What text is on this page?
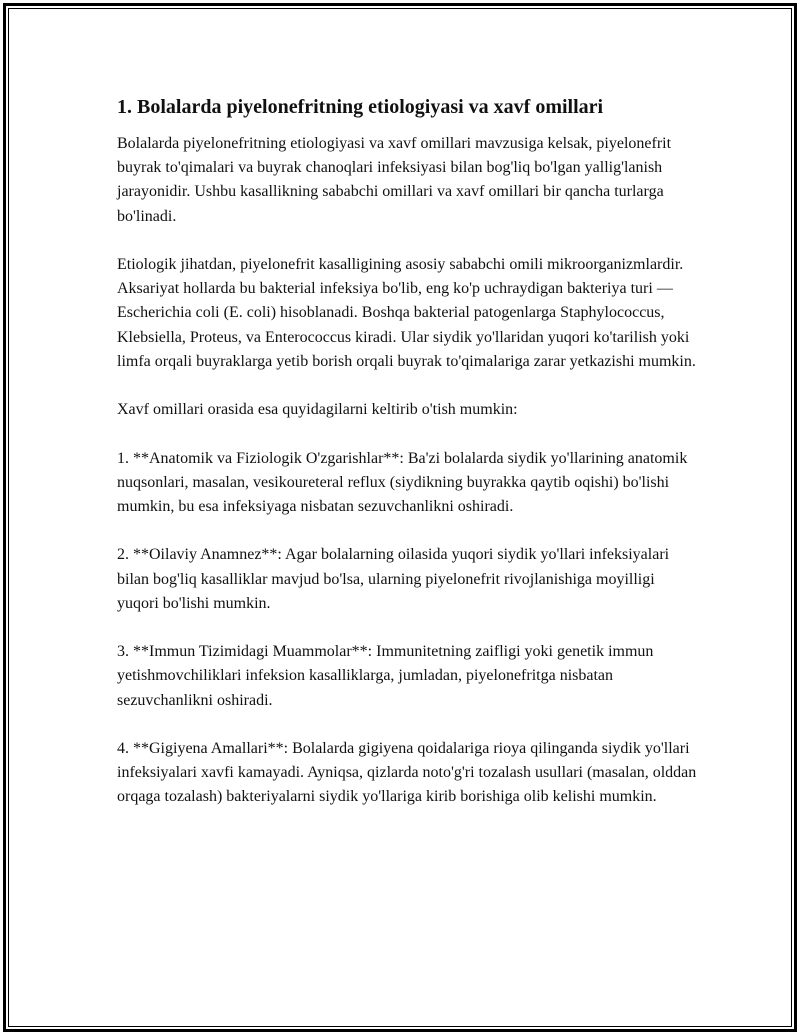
1. Bolalarda piyelonefritning etiologiyasi va xavf omillari

Bolalarda piyelonefritning etiologiyasi va xavf omillari mavzusiga kelsak, piyelonefrit buyrak to'qimalari va buyrak chanoqlari infeksiyasi bilan bog'liq bo'lgan yallig'lanish jarayonidir. Ushbu kasallikning sababchi omillari va xavf omillari bir qancha turlarga bo'linadi.

Etiologik jihatdan, piyelonefrit kasalligining asosiy sababchi omili mikroorganizmlardir. Aksariyat hollarda bu bakterial infeksiya bo'lib, eng ko'p uchraydigan bakteriya turi — Escherichia coli (E. coli) hisoblanadi. Boshqa bakterial patogenlarga Staphylococcus, Klebsiella, Proteus, va Enterococcus kiradi. Ular siydik yo'llaridan yuqori ko'tarilish yoki limfa orqali buyraklarga yetib borish orqali buyrak to'qimalariga zarar yetkazishi mumkin.

Xavf omillari orasida esa quyidagilarni keltirib o'tish mumkin:

1. **Anatomik va Fiziologik O'zgarishlar**: Ba'zi bolalarda siydik yo'llarining anatomik nuqsonlari, masalan, vesikoureteral reflux (siydikning buyrakka qaytib oqishi) bo'lishi mumkin, bu esa infeksiyaga nisbatan sezuvchanlikni oshiradi.

2. **Oilaviy Anamnez**: Agar bolalarning oilasida yuqori siydik yo'llari infeksiyalari bilan bog'liq kasalliklar mavjud bo'lsa, ularning piyelonefrit rivojlanishiga moyilligi yuqori bo'lishi mumkin.

3. **Immun Tizimidagi Muammolar**: Immunitetning zaifligi yoki genetik immun yetishmovchiliklari infeksion kasalliklarga, jumladan, piyelonefritga nisbatan sezuvchanlikni oshiradi.

4. **Gigiyena Amallari**: Bolalarda gigiyena qoidalariga rioya qilinganda siydik yo'llari infeksiyalari xavfi kamayadi. Ayniqsa, qizlarda noto'g'ri tozalash usullari (masalan, olddan orqaga tozalash) bakteriyalarni siydik yo'llariga kirib borishiga olib kelishi mumkin.
